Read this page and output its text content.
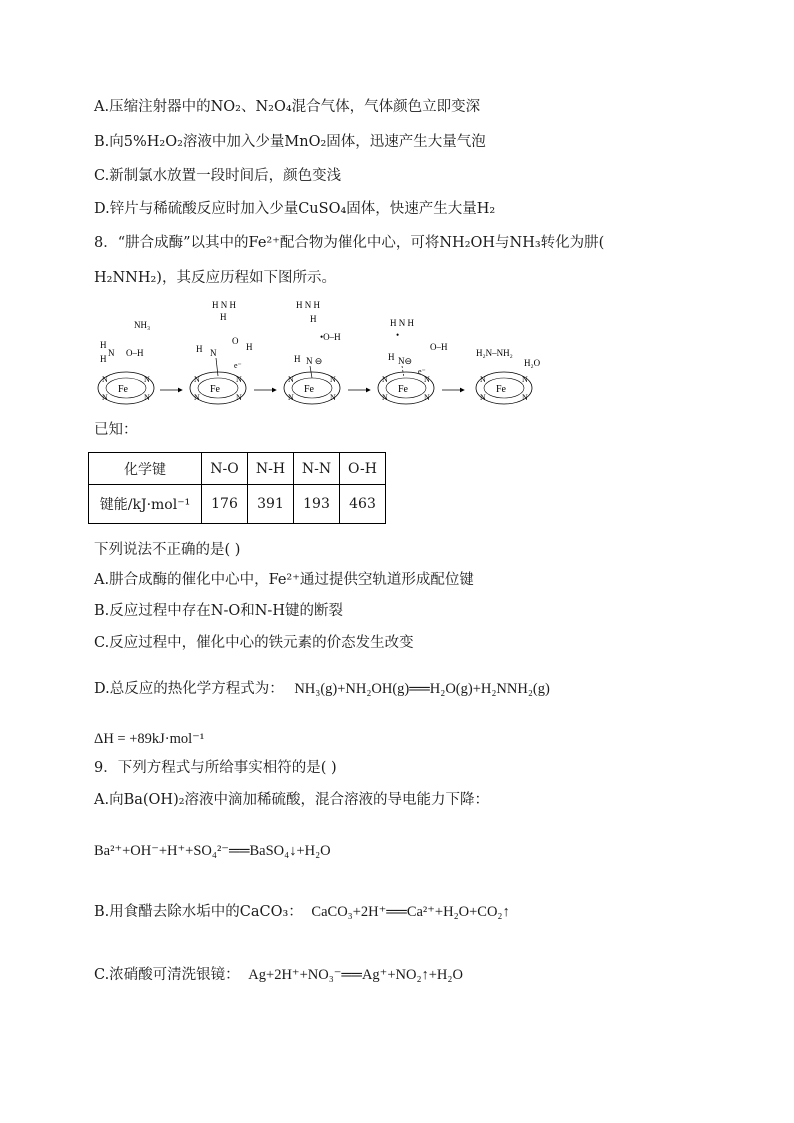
A.压缩注射器中的NO₂、N₂O₄混合气体，气体颜色立即变深
B.向5%H₂O₂溶液中加入少量MnO₂固体，迅速产生大量气泡
C.新制氯水放置一段时间后，颜色变浅
D.锌片与稀硫酸反应时加入少量CuSO₄固体，快速产生大量H₂
8．“肼合成酶”以其中的Fe²⁺配合物为催化中心，可将NH₂OH与NH₃转化为肼(
H₂NNH₂)，其反应历程如下图所示。
Fe
N	N
N	N
NH₃
H
N
H
O–H
H N H
H
O
H
H N
e⁻
H N H
H
•O–H
H N ⊖
H N H
•
O–H
H N⊖
e⁻
H₂N–NH₂
H₂O
已知：
化学键	N-O	N-H	N-N	O-H
键能/kJ·mol⁻¹	176	391	193	463
下列说法不正确的是( )
A.肼合成酶的催化中心中，Fe²⁺通过提供空轨道形成配位键
B.反应过程中存在N-O和N-H键的断裂
C.反应过程中，催化中心的铁元素的价态发生改变
D.总反应的热化学方程式为： NH₃(g)+NH₂OH(g)══H₂O(g)+H₂NNH₂(g)
ΔH = +89kJ·mol⁻¹
9．下列方程式与所给事实相符的是( )
A.向Ba(OH)₂溶液中滴加稀硫酸，混合溶液的导电能力下降：
Ba²⁺+OH⁻+H⁺+SO₄²⁻══BaSO₄↓+H₂O
B.用食醋去除水垢中的CaCO₃： CaCO₃+2H⁺══Ca²⁺+H₂O+CO₂↑
C.浓硝酸可清洗银镜： Ag+2H⁺+NO₃⁻══Ag⁺+NO₂↑+H₂O
